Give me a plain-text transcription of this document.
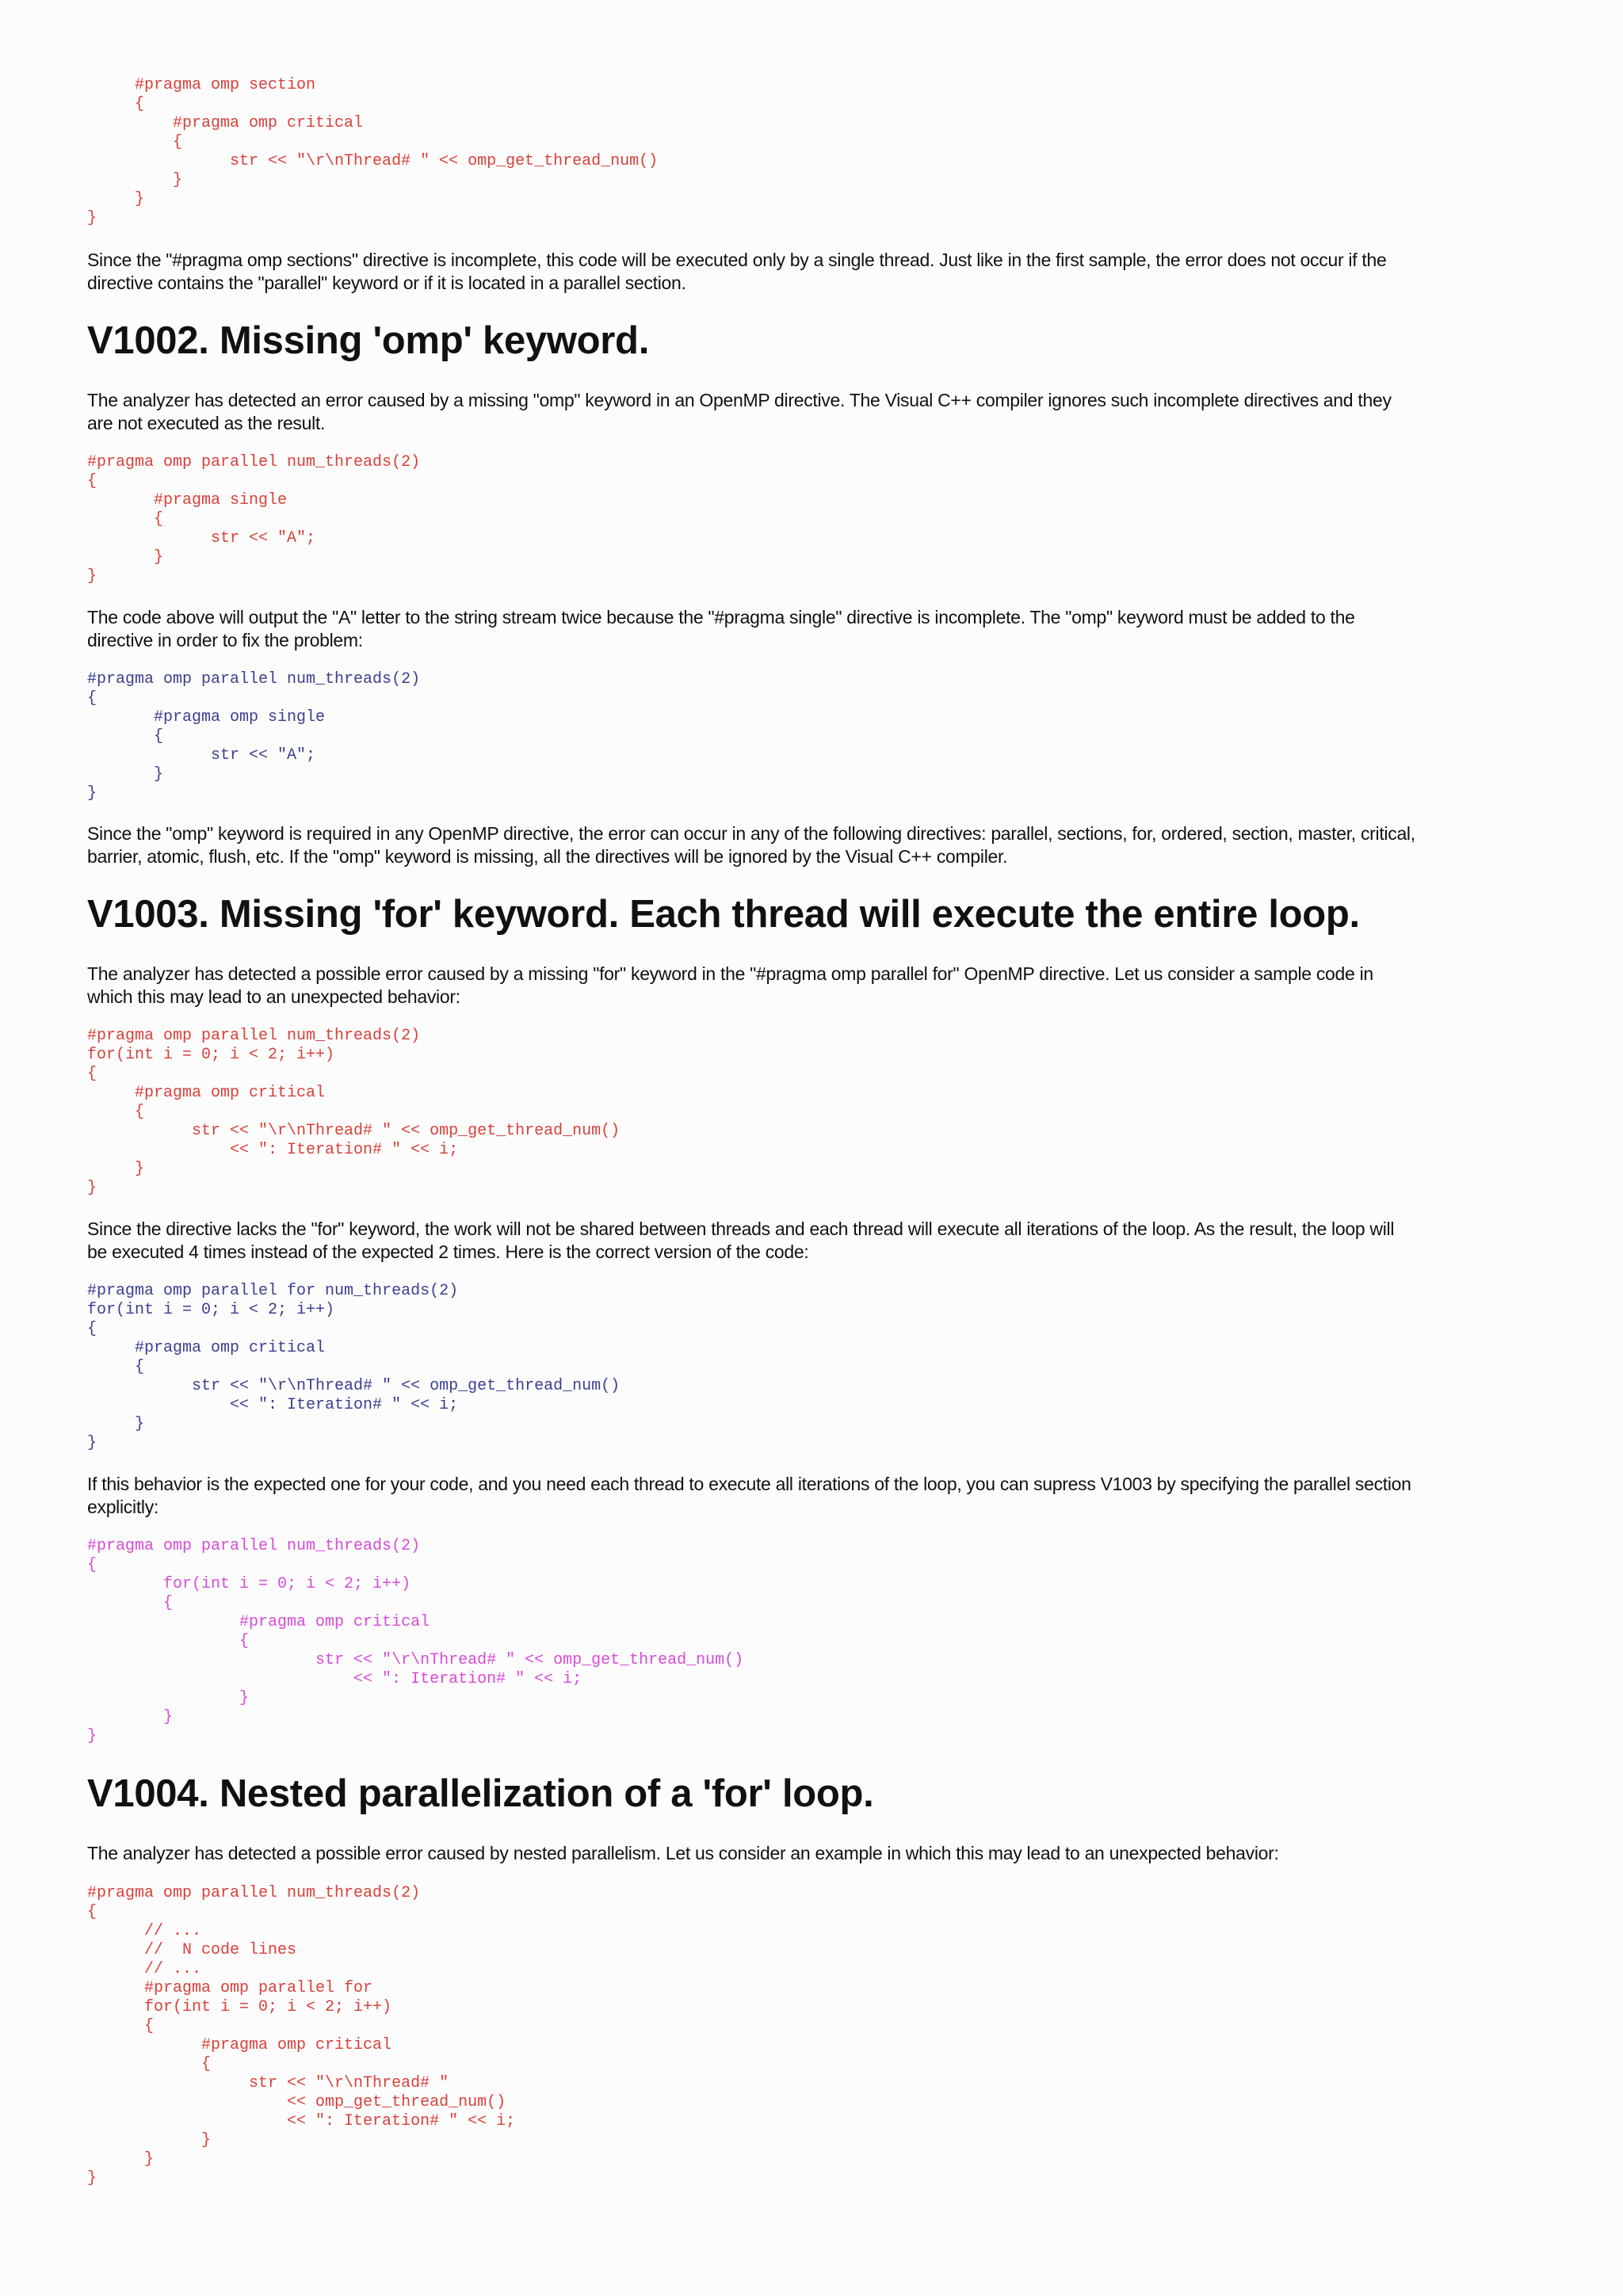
#pragma omp section
{
#pragma omp critical
{
str << "\r\nThread# " << omp_get_thread_num()
}
}
}

Since the "#pragma omp sections" directive is incomplete, this code will be executed only by a single thread. Just like in the first sample, the error does not occur if the directive contains the "parallel" keyword or if it is located in a parallel section.

V1002. Missing 'omp' keyword.

The analyzer has detected an error caused by a missing "omp" keyword in an OpenMP directive. The Visual C++ compiler ignores such incomplete directives and they are not executed as the result.

#pragma omp parallel num_threads(2)
{
#pragma single
{
str << "A";
}
}

The code above will output the "A" letter to the string stream twice because the "#pragma single" directive is incomplete. The "omp" keyword must be added to the directive in order to fix the problem:

#pragma omp parallel num_threads(2)
{
#pragma omp single
{
str << "A";
}
}

Since the "omp" keyword is required in any OpenMP directive, the error can occur in any of the following directives: parallel, sections, for, ordered, section, master, critical, barrier, atomic, flush, etc. If the "omp" keyword is missing, all the directives will be ignored by the Visual C++ compiler.

V1003. Missing 'for' keyword. Each thread will execute the entire loop.

The analyzer has detected a possible error caused by a missing "for" keyword in the "#pragma omp parallel for" OpenMP directive. Let us consider a sample code in which this may lead to an unexpected behavior:

#pragma omp parallel num_threads(2)
for(int i = 0; i < 2; i++)
{
#pragma omp critical
{
str << "\r\nThread# " << omp_get_thread_num()
<< ": Iteration# " << i;
}
}

Since the directive lacks the "for" keyword, the work will not be shared between threads and each thread will execute all iterations of the loop. As the result, the loop will be executed 4 times instead of the expected 2 times. Here is the correct version of the code:

#pragma omp parallel for num_threads(2)
for(int i = 0; i < 2; i++)
{
#pragma omp critical
{
str << "\r\nThread# " << omp_get_thread_num()
<< ": Iteration# " << i;
}
}

If this behavior is the expected one for your code, and you need each thread to execute all iterations of the loop, you can supress V1003 by specifying the parallel section explicitly:

#pragma omp parallel num_threads(2)
{
for(int i = 0; i < 2; i++)
{
#pragma omp critical
{
str << "\r\nThread# " << omp_get_thread_num()
<< ": Iteration# " << i;
}
}
}
V1004. Nested parallelization of a 'for' loop.

The analyzer has detected a possible error caused by nested parallelism. Let us consider an example in which this may lead to an unexpected behavior:

#pragma omp parallel num_threads(2)
{
// ...
//  N code lines
// ...
#pragma omp parallel for
for(int i = 0; i < 2; i++)
{
#pragma omp critical
{
str << "\r\nThread# "
<< omp_get_thread_num()
<< ": Iteration# " << i;
}
}
}
